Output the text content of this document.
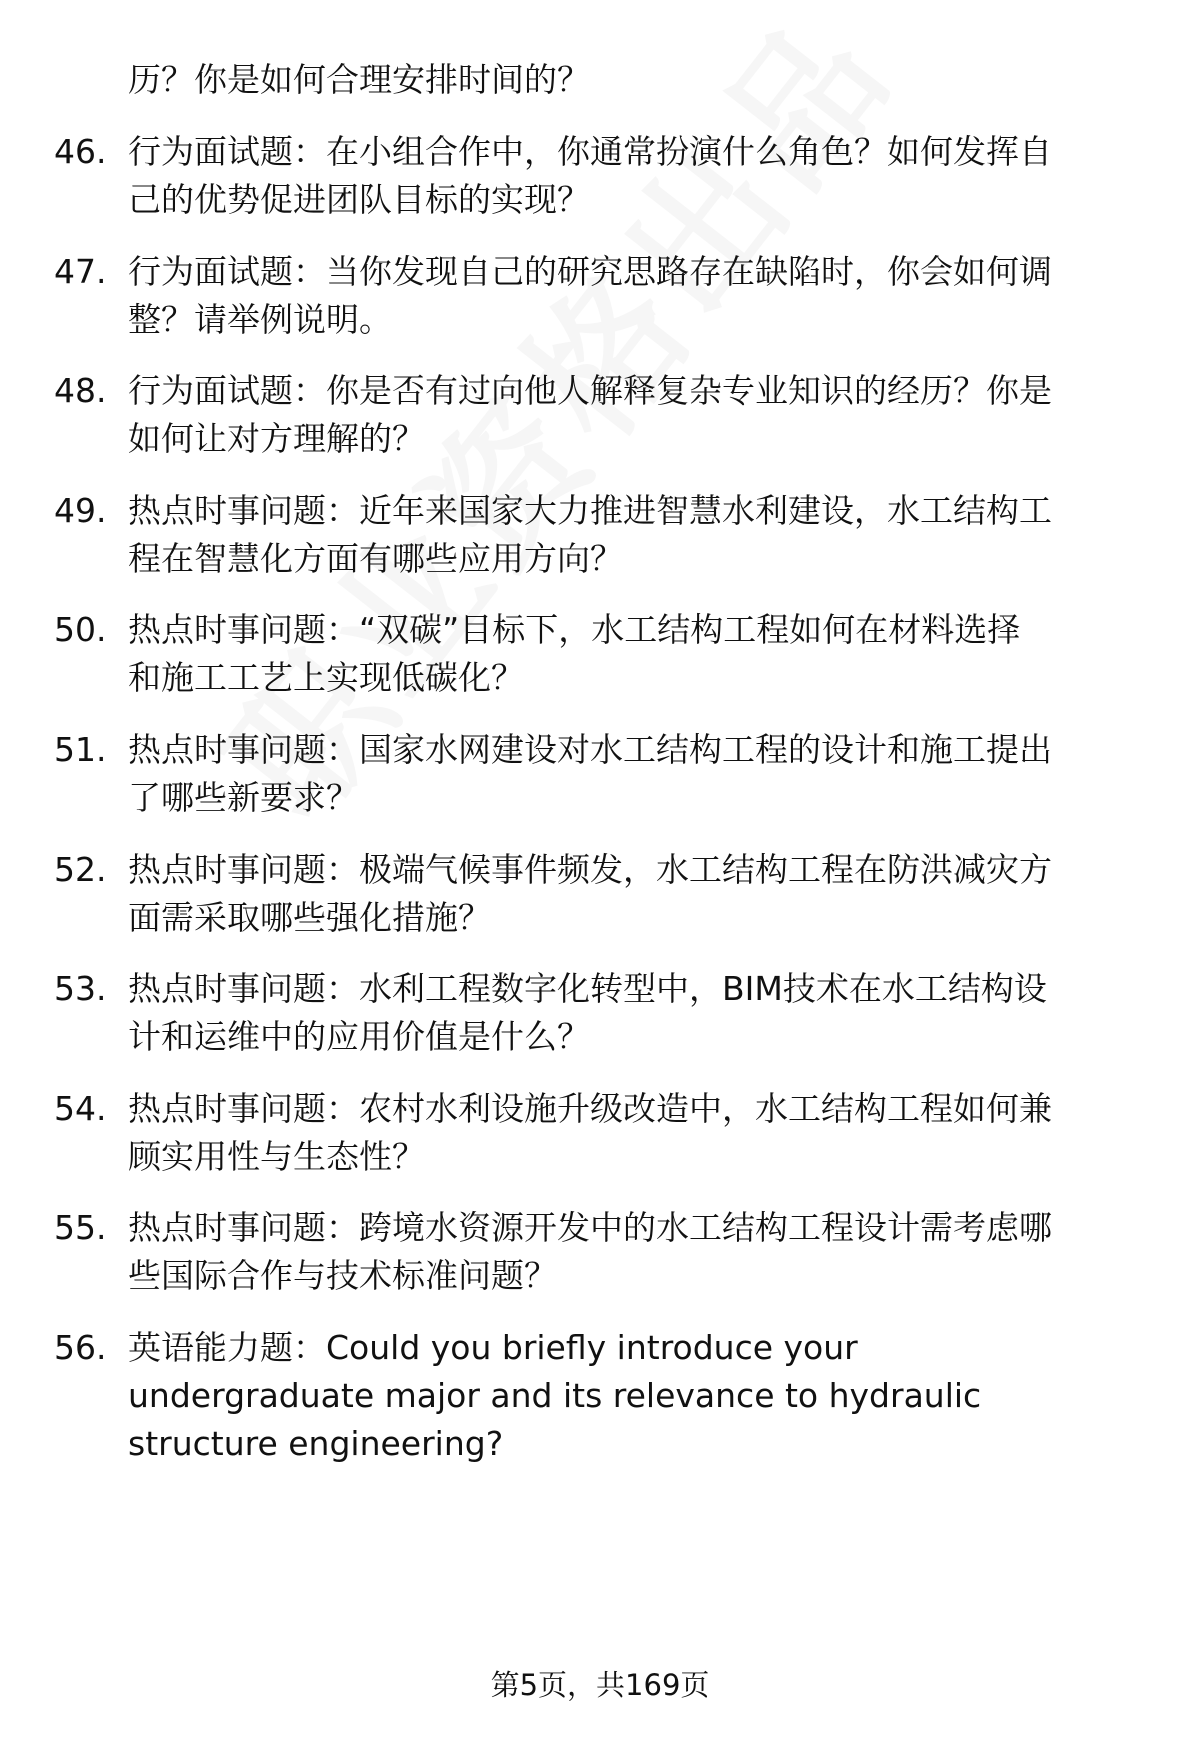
历？你是如何合理安排时间的？
46. 行为面试题：在小组合作中，你通常扮演什么角色？如何发挥自
己的优势促进团队目标的实现？
47. 行为面试题：当你发现自己的研究思路存在缺陷时，你会如何调
整？请举例说明。
48. 行为面试题：你是否有过向他人解释复杂专业知识的经历？你是
如何让对方理解的？
49. 热点时事问题：近年来国家大力推进智慧水利建设，水工结构工
程在智慧化方面有哪些应用方向？
50. 热点时事问题：“双碳”目标下，水工结构工程如何在材料选择
和施工工艺上实现低碳化？
51. 热点时事问题：国家水网建设对水工结构工程的设计和施工提出
了哪些新要求？
52. 热点时事问题：极端气候事件频发，水工结构工程在防洪减灾方
面需采取哪些强化措施？
53. 热点时事问题：水利工程数字化转型中，BIM技术在水工结构设
计和运维中的应用价值是什么？
54. 热点时事问题：农村水利设施升级改造中，水工结构工程如何兼
顾实用性与生态性？
55. 热点时事问题：跨境水资源开发中的水工结构工程设计需考虑哪
些国际合作与技术标准问题？
56. 英语能力题：Could you briefly introduce your
undergraduate major and its relevance to hydraulic
structure engineering?
第5页，共169页
